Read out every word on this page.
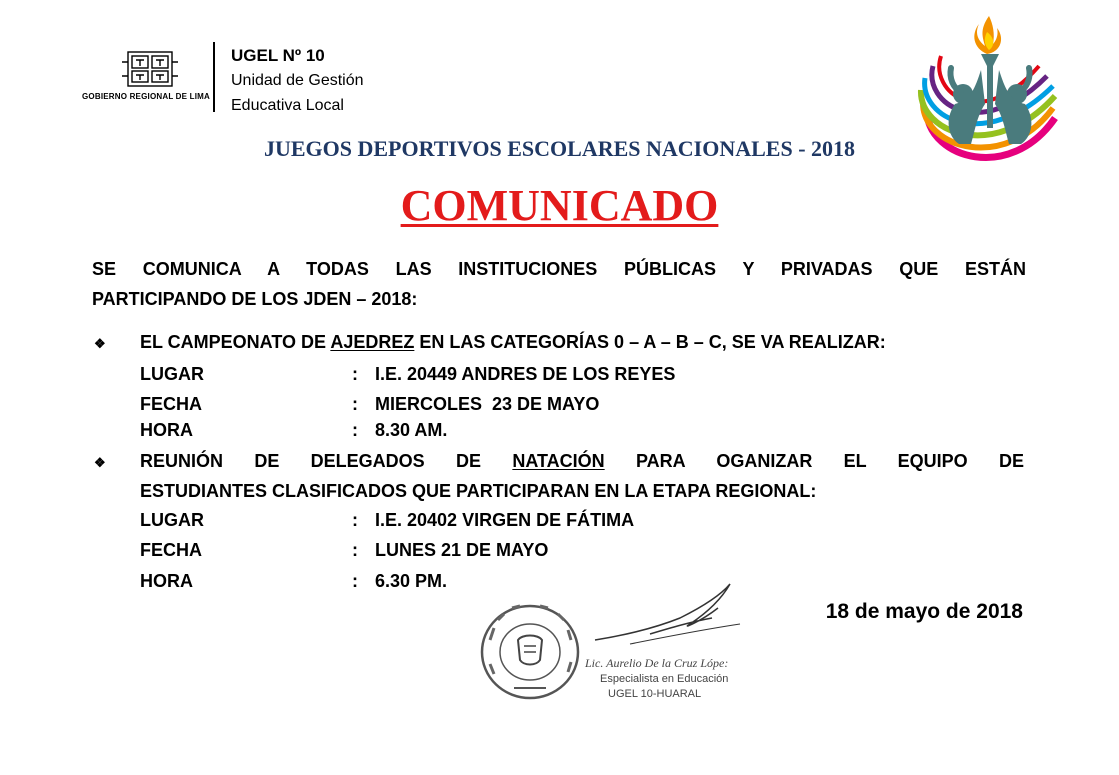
GOBIERNO REGIONAL DE LIMA
UGEL Nº 10
Unidad de Gestión
Educativa Local
JUEGOS DEPORTIVOS ESCOLARES NACIONALES - 2018
COMUNICADO
SE COMUNICA A TODAS LAS INSTITUCIONES PÚBLICAS Y PRIVADAS QUE ESTÁN
PARTICIPANDO DE LOS JDEN – 2018:
❖ EL CAMPEONATO DE AJEDREZ EN LAS CATEGORÍAS 0 – A – B – C, SE VA REALIZAR:
LUGAR	: I.E. 20449 ANDRES DE LOS REYES
FECHA	: MIERCOLES  23 DE MAYO
HORA	: 8.30 AM.
❖ REUNIÓN DE DELEGADOS DE NATACIÓN PARA OGANIZAR EL EQUIPO DE
ESTUDIANTES CLASIFICADOS QUE PARTICIPARAN EN LA ETAPA REGIONAL:
LUGAR	: I.E. 20402 VIRGEN DE FÁTIMA
FECHA	: LUNES 21 DE MAYO
HORA	: 6.30 PM.
18 de mayo de 2018
Lic. Aurelio De la Cruz Lópe:
Especialista en Educación
UGEL 10-HUARAL
